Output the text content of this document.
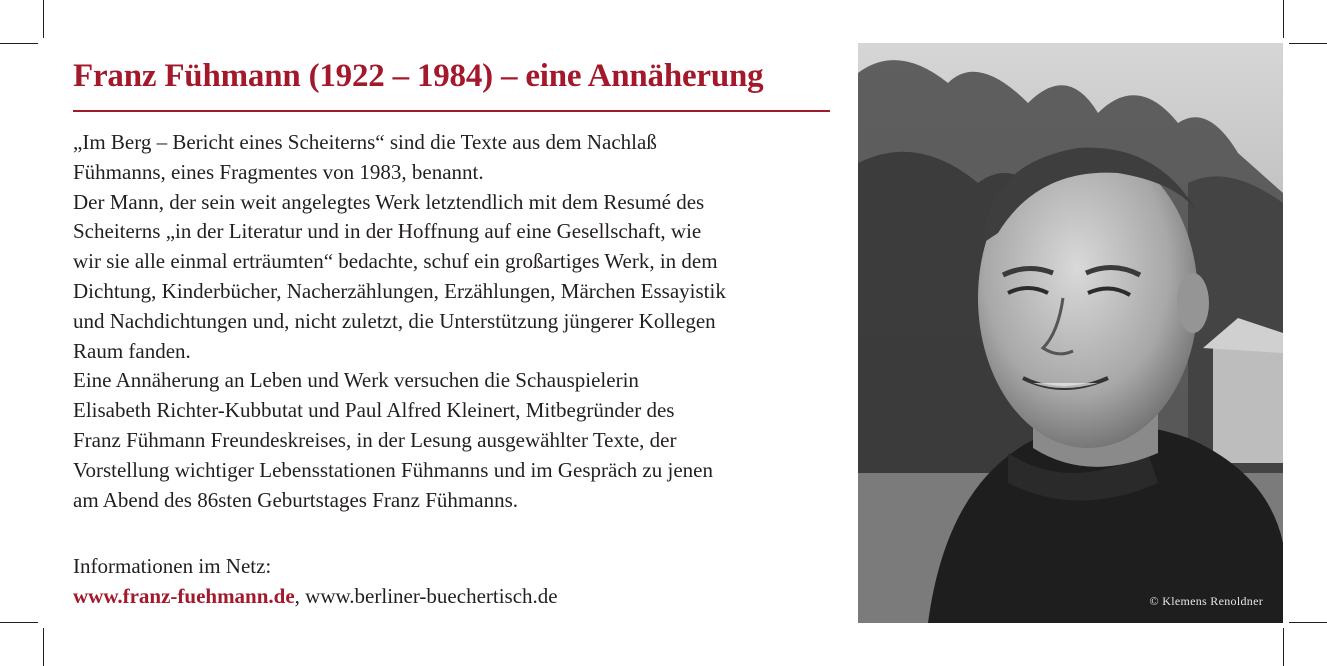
Franz Fühmann (1922 – 1984) – eine Annäherung
„Im Berg – Bericht eines Scheiterns“ sind die Texte aus dem Nachlaß
Fühmanns, eines Fragmentes von 1983, benannt.
Der Mann, der sein weit angelegtes Werk letztendlich mit dem Resumé des
Scheiterns „in der Literatur und in der Hoffnung auf eine Gesellschaft, wie
wir sie alle einmal erträumten“ bedachte, schuf ein großartiges Werk, in dem
Dichtung, Kinderbücher, Nacherzählungen, Erzählungen, Märchen Essayistik
und Nachdichtungen und, nicht zuletzt, die Unterstützung jüngerer Kollegen
Raum fanden.
Eine Annäherung an Leben und Werk versuchen die Schauspielerin
Elisabeth Richter-Kubbutat und Paul Alfred Kleinert, Mitbegründer des
Franz Fühmann Freundeskreises, in der Lesung ausgewählter Texte, der
Vorstellung wichtiger Lebensstationen Fühmanns und im Gespräch zu jenen
am Abend des 86sten Geburtstages Franz Fühmanns.
Informationen im Netz:
www.franz-fuehmann.de, www.berliner-buechertisch.de	© Klemens Renoldner
